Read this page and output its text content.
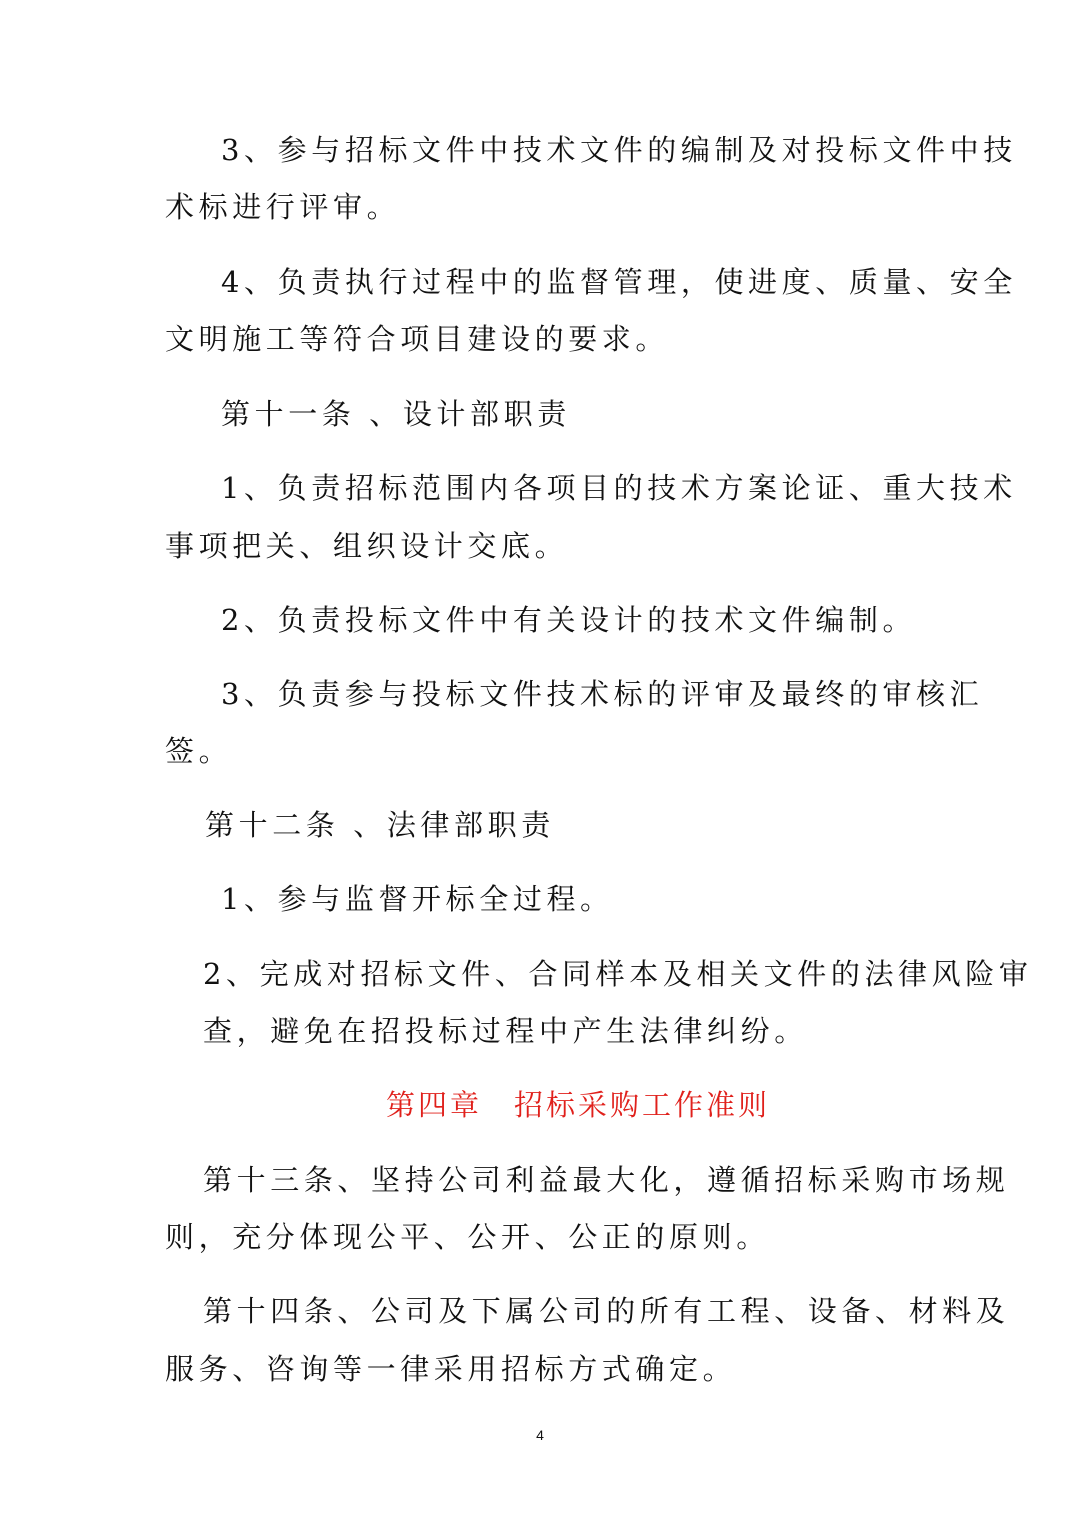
3、参与招标文件中技术文件的编制及对投标文件中技
术标进行评审。
4、负责执行过程中的监督管理，使进度、质量、安全
文明施工等符合项目建设的要求。
第十一条 、设计部职责
1、负责招标范围内各项目的技术方案论证、重大技术
事项把关、组织设计交底。
2、负责投标文件中有关设计的技术文件编制。
3、负责参与投标文件技术标的评审及最终的审核汇
签。
第十二条 、法律部职责
1、参与监督开标全过程。
2、完成对招标文件、合同样本及相关文件的法律风险审
查，避免在招投标过程中产生法律纠纷。
第四章　招标采购工作准则
第十三条、坚持公司利益最大化，遵循招标采购市场规
则，充分体现公平、公开、公正的原则。
第十四条、公司及下属公司的所有工程、设备、材料及
服务、咨询等一律采用招标方式确定。
4
